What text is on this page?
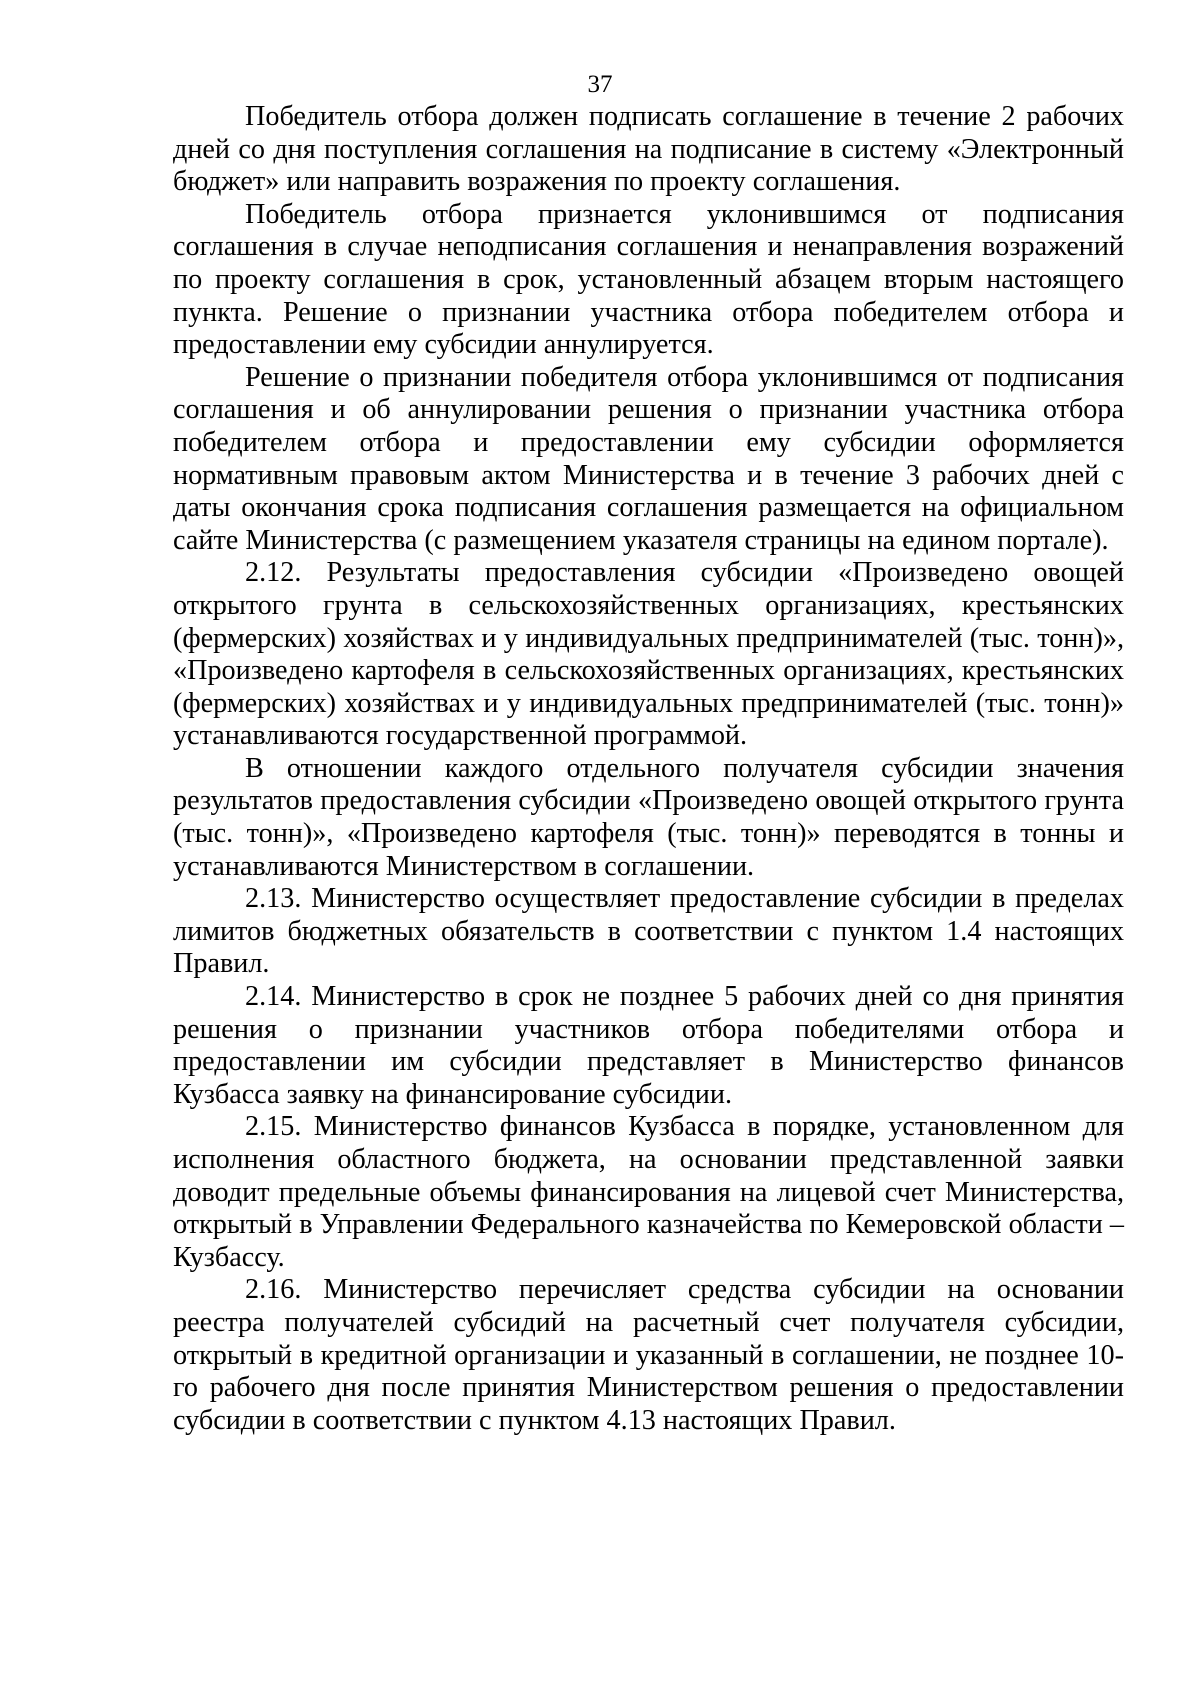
37

Победитель отбора должен подписать соглашение в течение 2 рабочих дней со дня поступления соглашения на подписание в систему «Электронный бюджет» или направить возражения по проекту соглашения.

Победитель отбора признается уклонившимся от подписания соглашения в случае неподписания соглашения и ненаправления возражений по проекту соглашения в срок, установленный абзацем вторым настоящего пункта. Решение о признании участника отбора победителем отбора и предоставлении ему субсидии аннулируется.

Решение о признании победителя отбора уклонившимся от подписания соглашения и об аннулировании решения о признании участника отбора победителем отбора и предоставлении ему субсидии оформляется нормативным правовым актом Министерства и в течение 3 рабочих дней с даты окончания срока подписания соглашения размещается на официальном сайте Министерства (с размещением указателя страницы на едином портале).

2.12. Результаты предоставления субсидии «Произведено овощей открытого грунта в сельскохозяйственных организациях, крестьянских (фермерских) хозяйствах и у индивидуальных предпринимателей (тыс. тонн)», «Произведено картофеля в сельскохозяйственных организациях, крестьянских (фермерских) хозяйствах и у индивидуальных предпринимателей (тыс. тонн)» устанавливаются государственной программой.

В отношении каждого отдельного получателя субсидии значения результатов предоставления субсидии «Произведено овощей открытого грунта (тыс. тонн)», «Произведено картофеля (тыс. тонн)» переводятся в тонны и устанавливаются Министерством в соглашении.

2.13. Министерство осуществляет предоставление субсидии в пределах лимитов бюджетных обязательств в соответствии с пунктом 1.4 настоящих Правил.

2.14. Министерство в срок не позднее 5 рабочих дней со дня принятия решения о признании участников отбора победителями отбора и предоставлении им субсидии представляет в Министерство финансов Кузбасса заявку на финансирование субсидии.

2.15. Министерство финансов Кузбасса в порядке, установленном для исполнения областного бюджета, на основании представленной заявки доводит предельные объемы финансирования на лицевой счет Министерства, открытый в Управлении Федерального казначейства по Кемеровской области – Кузбассу.

2.16. Министерство перечисляет средства субсидии на основании реестра получателей субсидий на расчетный счет получателя субсидии, открытый в кредитной организации и указанный в соглашении, не позднее 10-го рабочего дня после принятия Министерством решения о предоставлении субсидии в соответствии с пунктом 4.13 настоящих Правил.
